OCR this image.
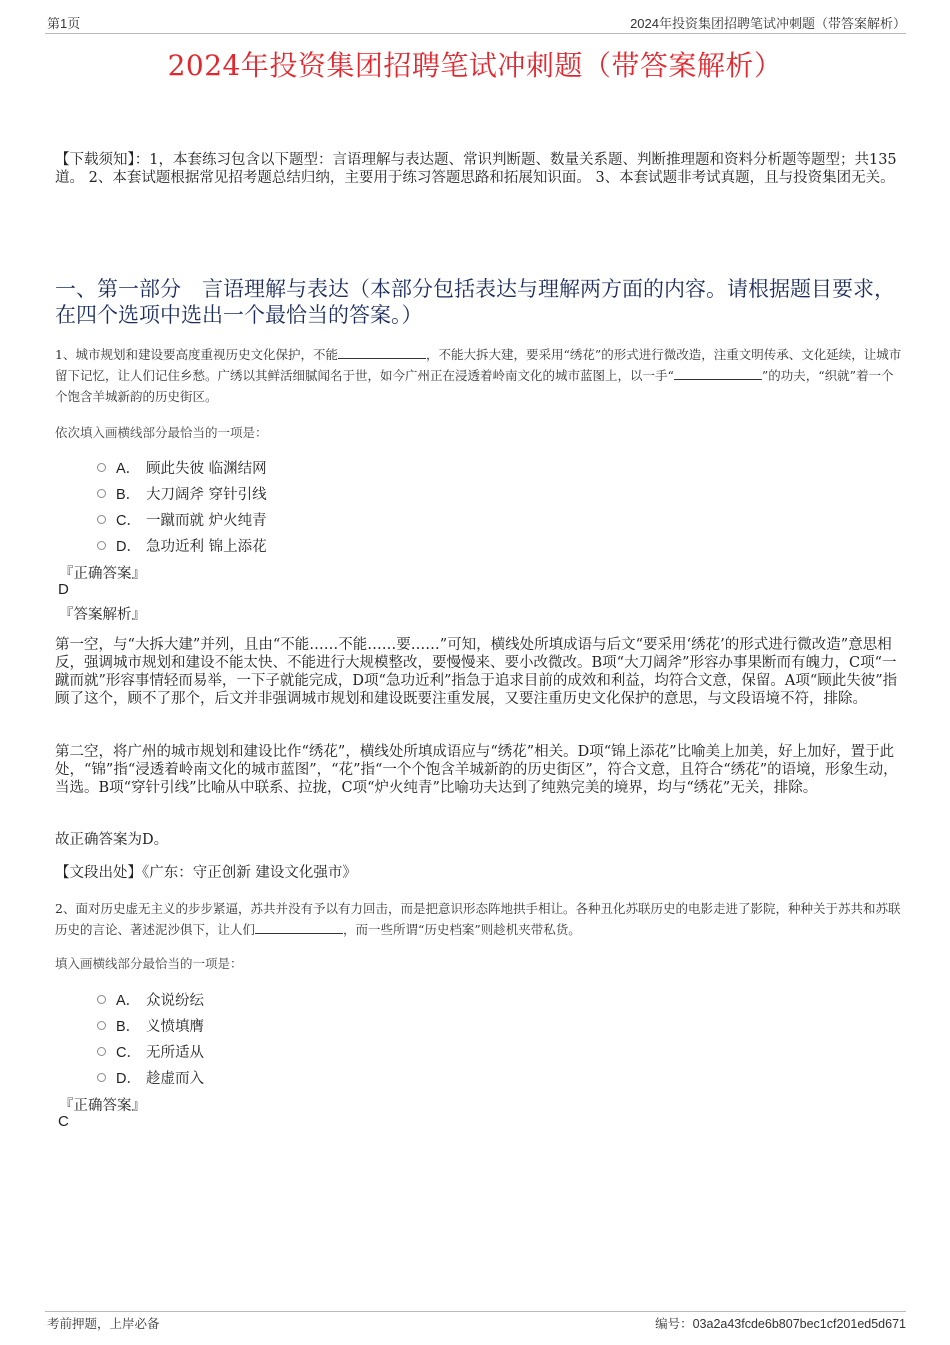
第1页	2024年投资集团招聘笔试冲刺题（带答案解析）
2024年投资集团招聘笔试冲刺题（带答案解析）

【下载须知】：1，本套练习包含以下题型：言语理解与表达题、常识判断题、数量关系题、判断推理题和资料分析题等题型；共135道。 2、本套试题根据常见招考题总结归纳，主要用于练习答题思路和拓展知识面。 3、本套试题非考试真题，且与投资集团无关。

一、第一部分　言语理解与表达（本部分包括表达与理解两方面的内容。请根据题目要求，在四个选项中选出一个最恰当的答案。）

1、城市规划和建设要高度重视历史文化保护，不能	，不能大拆大建，要采用“绣花”的形式进行微改造，注重文明传承、文化延续，让城市留下记忆，让人们记住乡愁。广绣以其鲜活细腻闻名于世，如今广州正在浸透着岭南文化的城市蓝图上，以一手“	”的功夫，“织就”着一个个饱含羊城新韵的历史街区。

依次填入画横线部分最恰当的一项是：
A． 顾此失彼 临渊结网
B． 大刀阔斧 穿针引线
C． 一蹴而就 炉火纯青
D． 急功近利 锦上添花
『正确答案』
D
『答案解析』

第一空，与“大拆大建”并列，且由“不能……不能……要……”可知，横线处所填成语与后文“要采用‘绣花’的形式进行微改造”意思相反，强调城市规划和建设不能太快、不能进行大规模整改，要慢慢来、要小改微改。B项“大刀阔斧”形容办事果断而有魄力，C项“一蹴而就”形容事情轻而易举，一下子就能完成，D项“急功近利”指急于追求目前的成效和利益，均符合文意，保留。A项“顾此失彼”指顾了这个，顾不了那个，后文并非强调城市规划和建设既要注重发展，又要注重历史文化保护的意思，与文段语境不符，排除。

第二空，将广州的城市规划和建设比作“绣花”，横线处所填成语应与“绣花”相关。D项“锦上添花”比喻美上加美，好上加好，置于此处，“锦”指“浸透着岭南文化的城市蓝图”，“花”指“一个个饱含羊城新韵的历史街区”，符合文意，且符合“绣花”的语境，形象生动，当选。B项“穿针引线”比喻从中联系、拉拢，C项“炉火纯青”比喻功夫达到了纯熟完美的境界，均与“绣花”无关，排除。

故正确答案为D。

【文段出处】《广东：守正创新 建设文化强市》

2、面对历史虚无主义的步步紧逼，苏共并没有予以有力回击，而是把意识形态阵地拱手相让。各种丑化苏联历史的电影走进了影院，种种关于苏共和苏联历史的言论、著述泥沙俱下，让人们	，而一些所谓“历史档案”则趁机夹带私货。

填入画横线部分最恰当的一项是：
A． 众说纷纭
B． 义愤填膺
C． 无所适从
D． 趁虚而入
『正确答案』
C
考前押题，上岸必备	编号：03a2a43fcde6b807bec1cf201ed5d671
